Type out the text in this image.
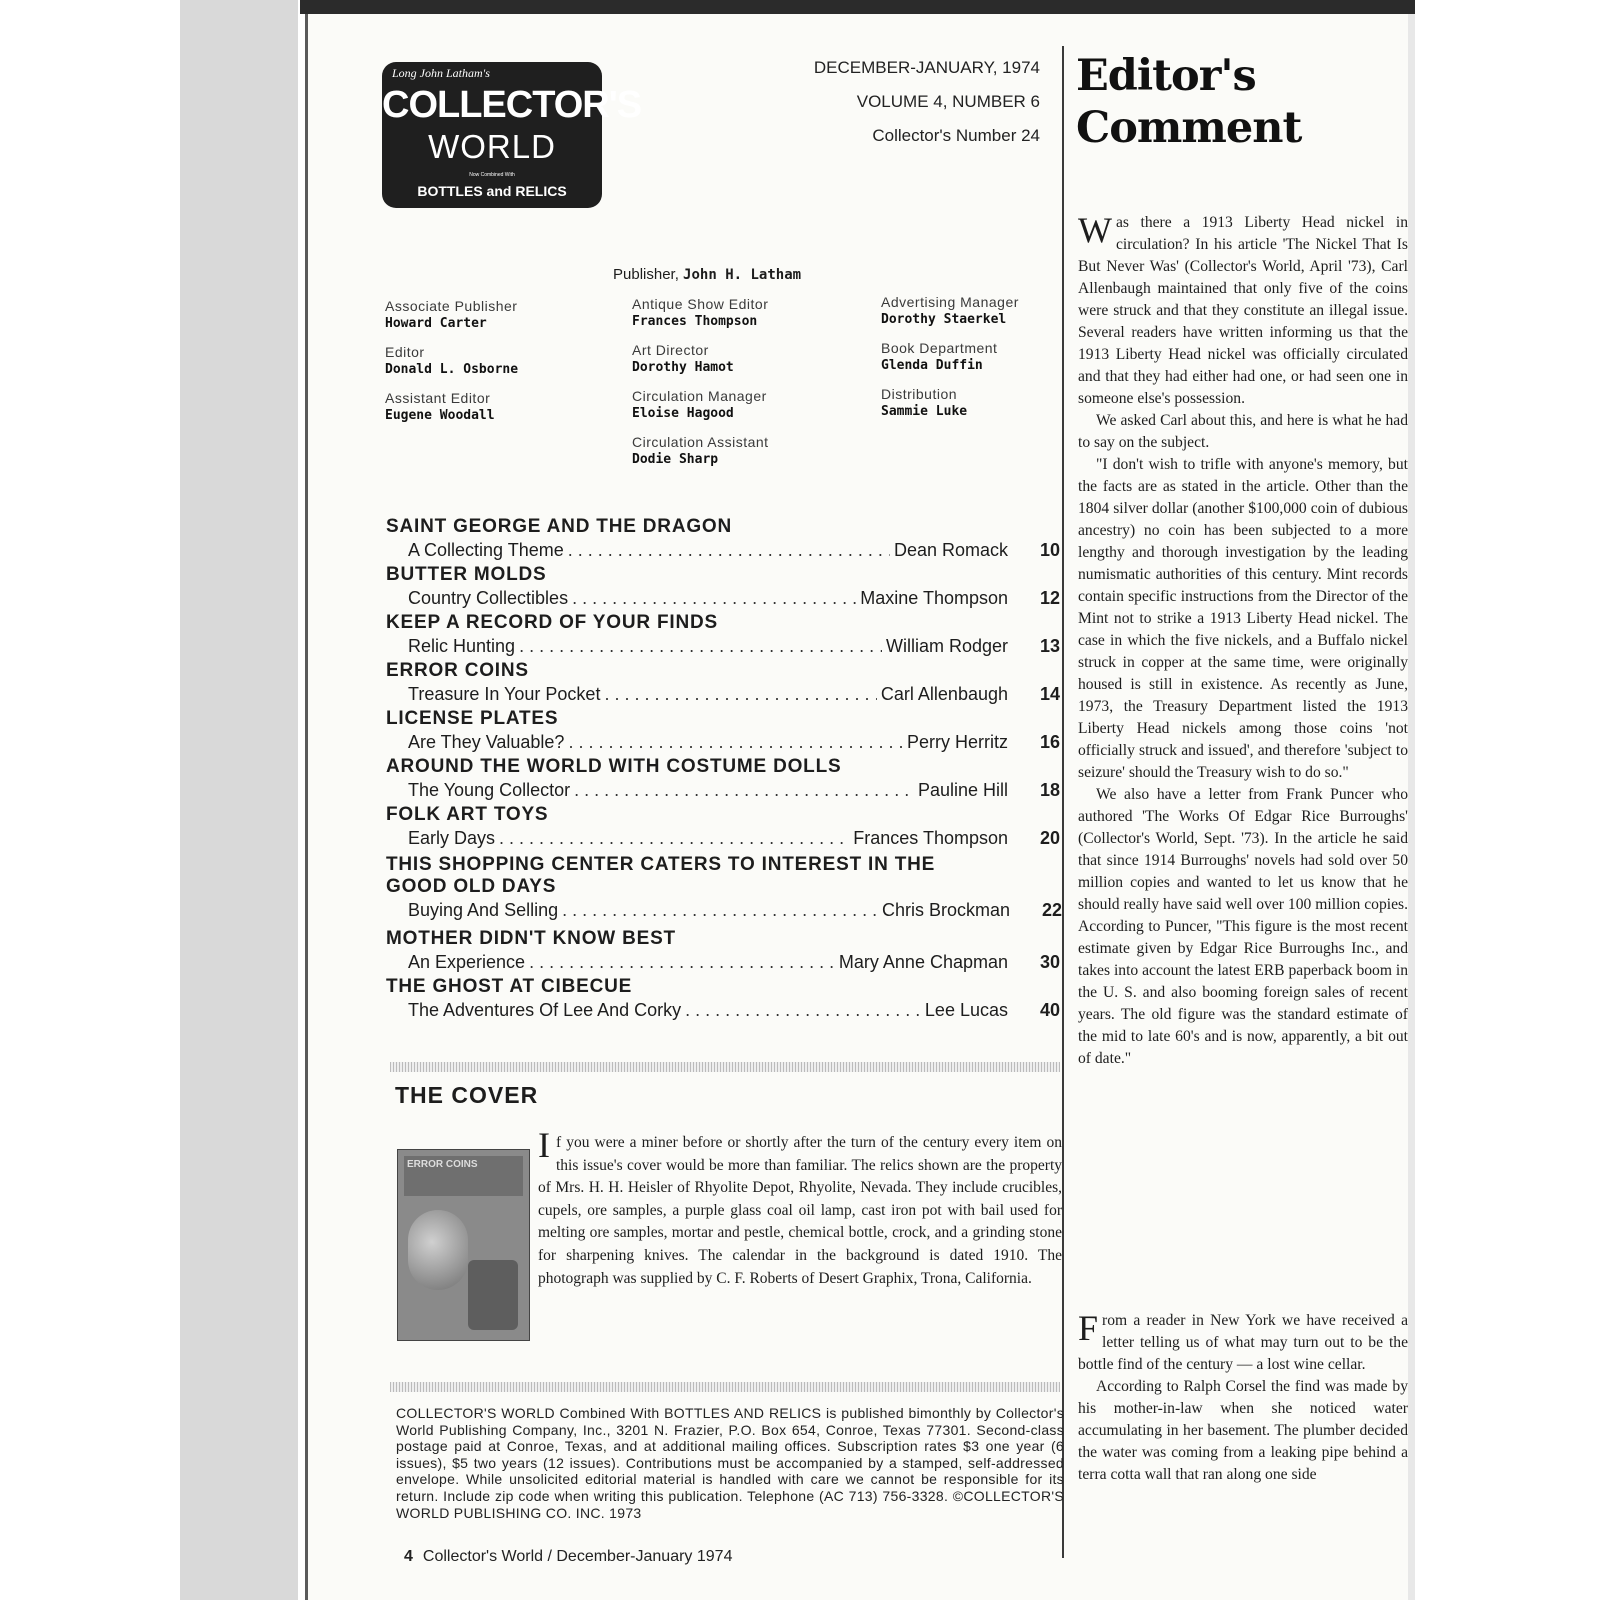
Long John Latham's
COLLECTOR'S
WORLD
Now Combined With
BOTTLES and RELICS
DECEMBER-JANUARY, 1974
VOLUME 4, NUMBER 6
Collector's Number 24
Publisher, John H. Latham
Associate Publisher
Howard Carter
Editor
Donald L. Osborne
Assistant Editor
Eugene Woodall
Antique Show Editor
Frances Thompson
Art Director
Dorothy Hamot
Circulation Manager
Eloise Hagood
Circulation Assistant
Dodie Sharp
Advertising Manager
Dorothy Staerkel
Book Department
Glenda Duffin
Distribution
Sammie Luke
SAINT GEORGE AND THE DRAGON
A Collecting Theme . . .	Dean Romack	10
BUTTER MOLDS
Country Collectibles . . .	Maxine Thompson	12
KEEP A RECORD OF YOUR FINDS
Relic Hunting . . .	William Rodger	13
ERROR COINS
Treasure In Your Pocket . . .	Carl Allenbaugh	14
LICENSE PLATES
Are They Valuable? . . .	Perry Herritz	16
AROUND THE WORLD WITH COSTUME DOLLS
The Young Collector . . .	Pauline Hill	18
FOLK ART TOYS
Early Days . . .	Frances Thompson	20
THIS SHOPPING CENTER CATERS TO INTEREST IN THE GOOD OLD DAYS
Buying And Selling . . .	Chris Brockman	22
MOTHER DIDN'T KNOW BEST
An Experience . . .	Mary Anne Chapman	30
THE GHOST AT CIBECUE
The Adventures Of Lee And Corky . . .	Lee Lucas	40
THE COVER
ERROR COINS	If you were a miner before or shortly after the turn of the century every item on this issue's cover would be more than familiar. The relics shown are the property of Mrs. H. H. Heisler of Rhyolite Depot, Rhyolite, Nevada. They include crucibles, cupels, ore samples, a purple glass coal oil lamp, cast iron pot with bail used for melting ore samples, mortar and pestle, chemical bottle, crock, and a grinding stone for sharpening knives. The calendar in the background is dated 1910. The photograph was supplied by C. F. Roberts of Desert Graphix, Trona, California.
COLLECTOR'S WORLD Combined With BOTTLES AND RELICS is published bimonthly by Collector's World Publishing Company, Inc., 3201 N. Frazier, P.O. Box 654, Conroe, Texas 77301. Second-class postage paid at Conroe, Texas, and at additional mailing offices. Subscription rates $3 one year (6 issues), $5 two years (12 issues). Contributions must be accompanied by a stamped, self-addressed envelope. While unsolicited editorial material is handled with care we cannot be responsible for its return. Include zip code when writing this publication. Telephone (AC 713) 756-3328. ©COLLECTOR'S WORLD PUBLISHING CO. INC. 1973
4 Collector's World / December-January 1974
Editor's
Comment

Was there a 1913 Liberty Head nickel in circulation? In his article 'The Nickel That Is But Never Was' (Collector's World, April '73), Carl Allenbaugh maintained that only five of the coins were struck and that they constitute an illegal issue. Several readers have written informing us that the 1913 Liberty Head nickel was officially circulated and that they had either had one, or had seen one in someone else's possession.

We asked Carl about this, and here is what he had to say on the subject.

"I don't wish to trifle with anyone's memory, but the facts are as stated in the article. Other than the 1804 silver dollar (another $100,000 coin of dubious ancestry) no coin has been subjected to a more lengthy and thorough investigation by the leading numismatic authorities of this century. Mint records contain specific instructions from the Director of the Mint not to strike a 1913 Liberty Head nickel. The case in which the five nickels, and a Buffalo nickel struck in copper at the same time, were originally housed is still in existence. As recently as June, 1973, the Treasury Department listed the 1913 Liberty Head nickels among those coins 'not officially struck and issued', and therefore 'subject to seizure' should the Treasury wish to do so."

We also have a letter from Frank Puncer who authored 'The Works Of Edgar Rice Burroughs' (Collector's World, Sept. '73). In the article he said that since 1914 Burroughs' novels had sold over 50 million copies and wanted to let us know that he should really have said well over 100 million copies. According to Puncer, "This figure is the most recent estimate given by Edgar Rice Burroughs Inc., and takes into account the latest ERB paperback boom in the U. S. and also booming foreign sales of recent years. The old figure was the standard estimate of the mid to late 60's and is now, apparently, a bit out of date."

From a reader in New York we have received a letter telling us of what may turn out to be the bottle find of the century — a lost wine cellar.

According to Ralph Corsel the find was made by his mother-in-law when she noticed water accumulating in her basement. The plumber decided the water was coming from a leaking pipe behind a terra cotta wall that ran along one side
